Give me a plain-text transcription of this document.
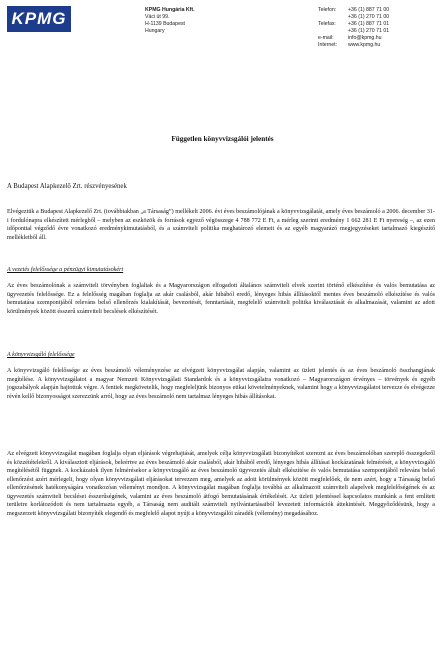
KPMG	KPMG Hungária Kft.
Váci út 99.
H-1139 Budapest
Hungary
Telefon:	+36 (1) 887 71 00
+36 (1) 270 71 00
Telefax:	+36 (1) 887 71 01
+36 (1) 270 71 01
e-mail:	info@kpmg.hu
Internet:	www.kpmg.hu
Független könyvvizsgálói jelentés
A Budapest Alapkezelő Zrt. részvényesének
Elvégeztük a Budapest Alapkezelő Zrt. (továbbiakban „a Társaság”) mellékelt 2006. évi éves beszámolójának a könyvvizsgálatát, amely éves beszámoló a 2006. december 31-i fordulónapra elkészített mérlegből – melyben az eszközök és források egyező végösszege 4 788 772 E Ft, a mérleg szerinti eredmény 1 662 281 E Ft nyereség –, az ezen időponttal végződő évre vonatkozó eredménykimutatásból, és a számviteli politika meghatározó elemeit és az egyéb magyarázó megjegyzéseket tartalmazó kiegészítő mellékletből áll.
A vezetés felelőssége a pénzügyi kimutatásokért
Az éves beszámolónak a számviteli törvényben foglaltak és a Magyarországon elfogadott általános számviteli elvek szerint történő elkészítése és valós bemutatása az ügyvezetés felelőssége. Ez a felelősség magában foglalja az akár csalásból, akár hibából eredő, lényeges hibás állításoktól mentes éves beszámoló elkészítése és valós bemutatása szempontjából releváns belső ellenőrzés kialakítását, bevezetését, fenntartását, megfelelő számviteli politika kiválasztását és alkalmazását, valamint az adott körülmények között ésszerű számviteli becslések elkészítését.
A könyvvizsgáló felelőssége
A könyvvizsgáló felelőssége az éves beszámoló véleményezése az elvégzett könyvvizsgálat alapján, valamint az üzleti jelentés és az éves beszámoló összhangjának megítélése. A könyvvizsgálatot a magyar Nemzeti Könyvvizsgálati Standardok és a könyvvizsgálatra vonatkozó – Magyarországon érvényes – törvények és egyéb jogszabályok alapján hajtottuk végre. A fentiek megkövetelik, hogy megfeleljünk bizonyos etikai követelményeknek, valamint hogy a könyvvizsgálatot tervezze és elvégezze révén kellő bizonyosságot szerezzünk arról, hogy az éves beszámoló nem tartalmaz lényeges hibás állításokat.
Az elvégzett könyvvizsgálat magában foglalja olyan eljárások végrehajtását, amelyek célja könyvvizsgálati bizonyítékot szerezni az éves beszámolóban szereplő összegekről és közzétételekről. A kiválasztott eljárások, beleértve az éves beszámoló akár csalásból, akár hibából eredő, lényeges hibás állításai kockázatának felmérését, a könyvvizsgáló megítélésétől függnek. A kockázatok ilyen felmérésekor a könyvvizsgáló az éves beszámoló ügyvezetés általi elkészítése és valós bemutatása szempontjából releváns belső ellenőrzést azért mérlegeli, hogy olyan könyvvizsgálati eljárásokat tervezzen meg, amelyek az adott körülmények között megfelelőek, de nem azért, hogy a Társaság belső ellenőrzésének hatékonyságára vonatkozóan véleményt mondjon. A könyvvizsgálat magában foglalja továbbá az alkalmazott számviteli alapelvek megfelelőségének és az ügyvezetés számviteli becslései ésszerűségének, valamint az éves beszámoló átfogó bemutatásának értékelését. Az üzleti jelentéssel kapcsolatos munkánk a fent említett területre korlátozódott és nem tartalmazta egyéb, a Társaság nem auditált számviteli nyilvántartásaiból levezetett információk áttekintését. Meggyőződésünk, hogy a megszerzett könyvvizsgálati bizonyíték elegendő és megfelelő alapot nyújt a könyvvizsgálói záradék (vélemény) megadásához.
